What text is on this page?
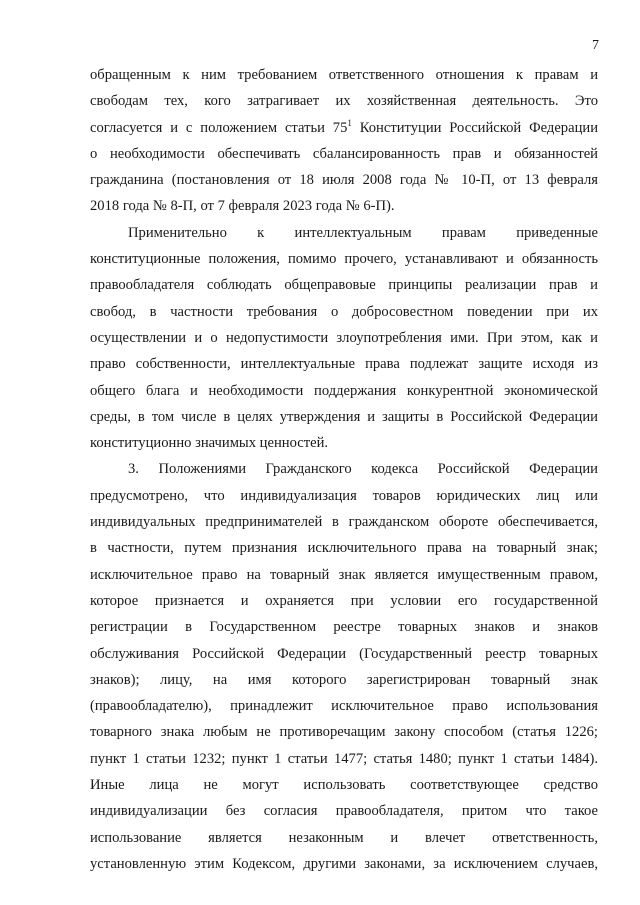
7
обращенным к ним требованием ответственного отношения к правам и
свободам тех, кого затрагивает их хозяйственная деятельность. Это
согласуется и с положением статьи $75^1$ Конституции Российской Федерации
о необходимости обеспечивать сбалансированность прав и обязанностей
гражданина (постановления от 18 июля 2008 года № 10-П, от 13 февраля
2018 года № 8-П, от 7 февраля 2023 года № 6-П).
Применительно к интеллектуальным правам приведенные
конституционные положения, помимо прочего, устанавливают и обязанность
правообладателя соблюдать общеправовые принципы реализации прав и
свобод, в частности требования о добросовестном поведении при их
осуществлении и о недопустимости злоупотребления ими. При этом, как и
право собственности, интеллектуальные права подлежат защите исходя из
общего блага и необходимости поддержания конкурентной экономической
среды, в том числе в целях утверждения и защиты в Российской Федерации
конституционно значимых ценностей.
3. Положениями Гражданского кодекса Российской Федерации
предусмотрено, что индивидуализация товаров юридических лиц или
индивидуальных предпринимателей в гражданском обороте обеспечивается,
в частности, путем признания исключительного права на товарный знак;
исключительное право на товарный знак является имущественным правом,
которое признается и охраняется при условии его государственной
регистрации в Государственном реестре товарных знаков и знаков
обслуживания Российской Федерации (Государственный реестр товарных
знаков); лицу, на имя которого зарегистрирован товарный знак
(правообладателю), принадлежит исключительное право использования
товарного знака любым не противоречащим закону способом (статья 1226;
пункт 1 статьи 1232; пункт 1 статьи 1477; статья 1480; пункт 1 статьи 1484).
Иные лица не могут использовать соответствующее средство
индивидуализации без согласия правообладателя, притом что такое
использование является незаконным и влечет ответственность,
установленную этим Кодексом, другими законами, за исключением случаев,
